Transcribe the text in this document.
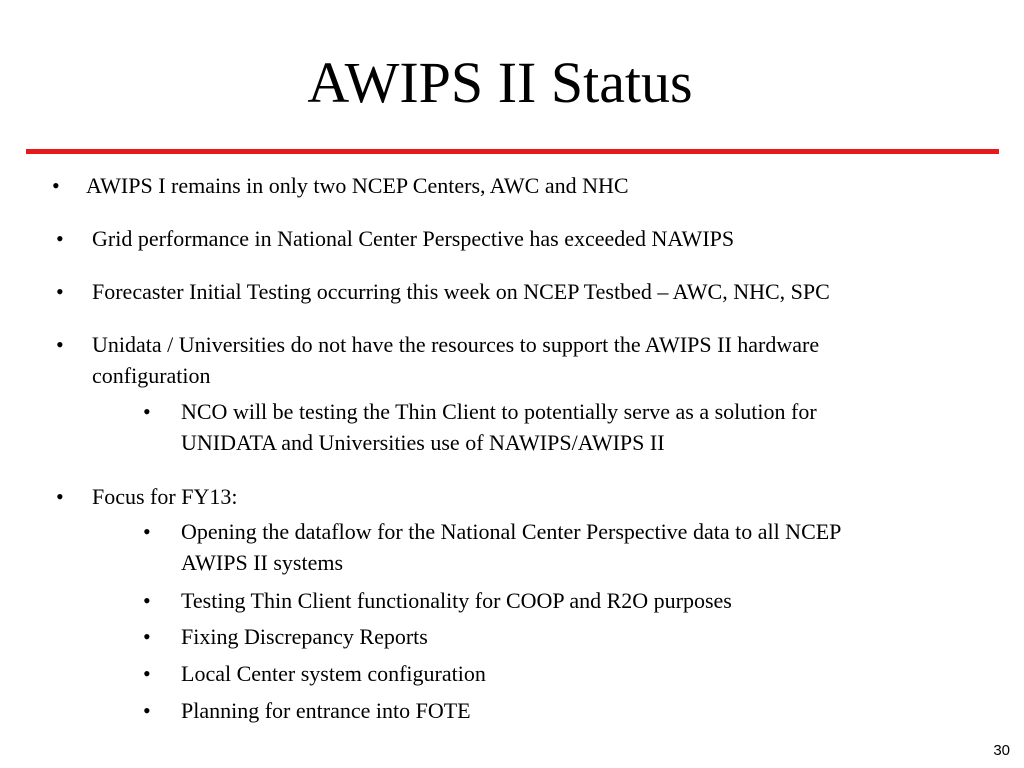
AWIPS II Status
• AWIPS I remains in only two NCEP Centers, AWC and NHC
• Grid performance in National Center Perspective has exceeded NAWIPS
• Forecaster Initial Testing occurring this week on NCEP Testbed – AWC, NHC, SPC
• Unidata / Universities do not have the resources to support the AWIPS II hardware
configuration
• NCO will be testing the Thin Client to potentially serve as a solution for
UNIDATA and Universities use of NAWIPS/AWIPS II
• Focus for FY13:
• Opening the dataflow for the National Center Perspective data to all NCEP
AWIPS II systems
• Testing Thin Client functionality for COOP and R2O purposes
• Fixing Discrepancy Reports
• Local Center system configuration
• Planning for entrance into FOTE
30
